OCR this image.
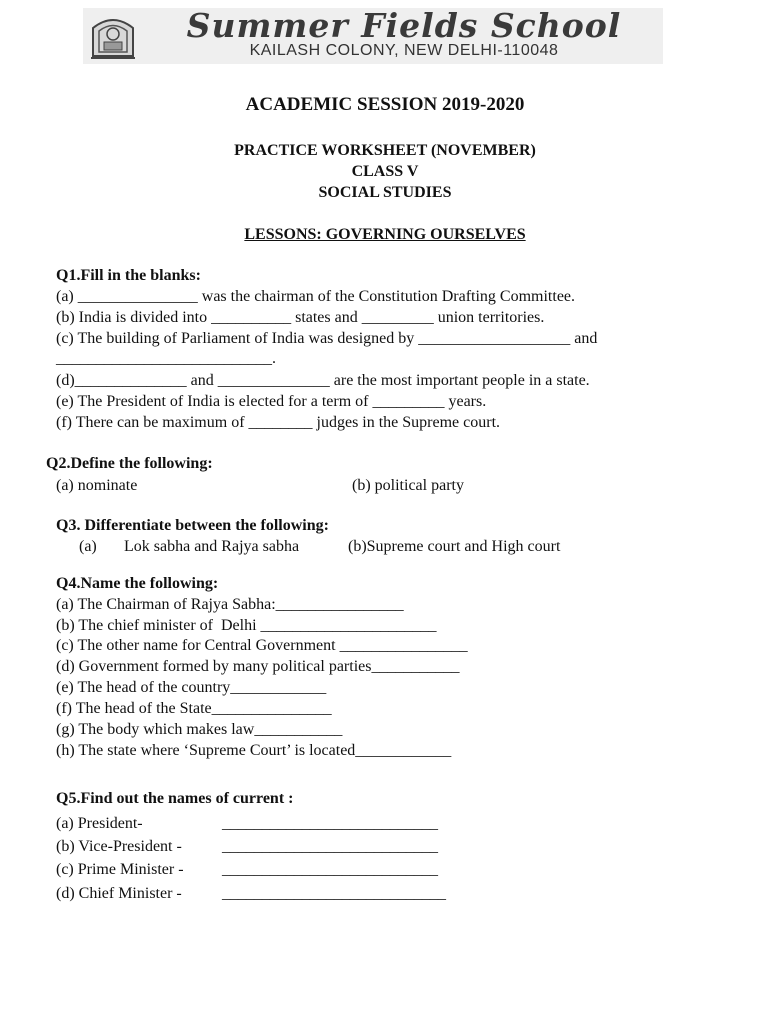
Summer Fields School
KAILASH COLONY, NEW DELHI-110048
ACADEMIC SESSION 2019-2020
PRACTICE WORKSHEET (NOVEMBER)
CLASS V
SOCIAL STUDIES
LESSONS: GOVERNING OURSELVES
Q1.Fill in the blanks:
(a) _______________ was the chairman of the Constitution Drafting Committee.
(b) India is divided into __________ states and _________ union territories.
(c) The building of Parliament of India was designed by ___________________ and
___________________________.
(d)______________ and ______________ are the most important people in a state.
(e) The President of India is elected for a term of _________ years.
(f) There can be maximum of ________ judges in the Supreme court.
Q2.Define the following:
(a) nominate	(b) political party
Q3. Differentiate between the following:
(a) Lok sabha and Rajya sabha	(b)Supreme court and High court
Q4.Name the following:
(a) The Chairman of Rajya Sabha:________________
(b) The chief minister of  Delhi ______________________
(c) The other name for Central Government ________________
(d) Government formed by many political parties___________
(e) The head of the country____________
(f) The head of the State_______________
(g) The body which makes law___________
(h) The state where ‘Supreme Court’ is located____________
Q5.Find out the names of current :
(a) President-	___________________________
(b) Vice-President -	___________________________
(c) Prime Minister - ___________________________
(d) Chief Minister -	____________________________
